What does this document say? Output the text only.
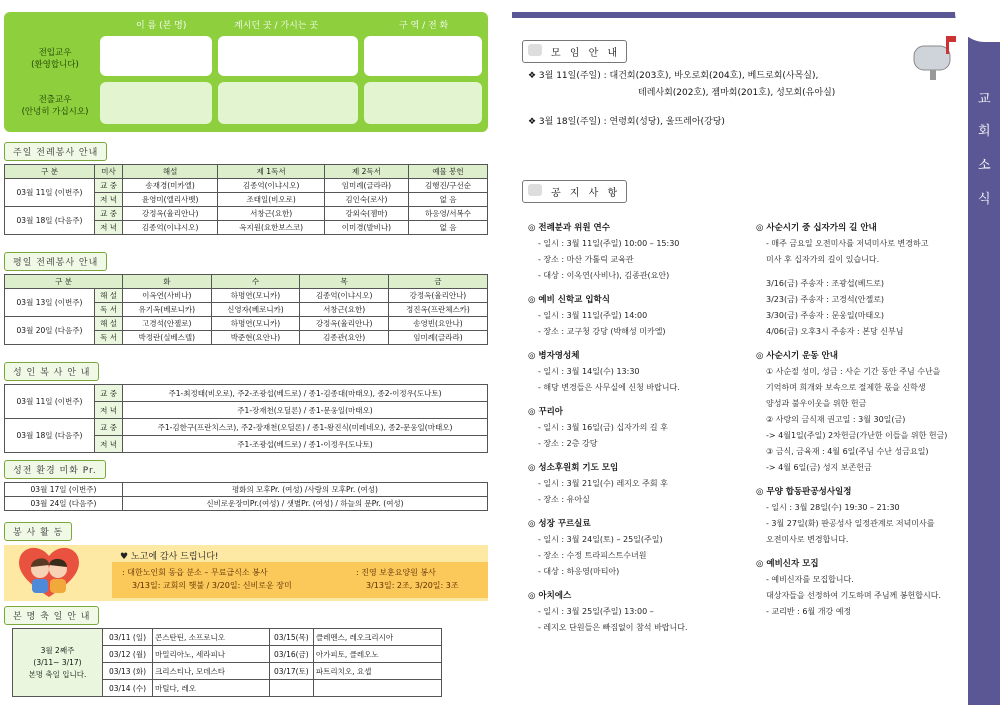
이 름 (본 명)	계시던 곳 / 가시는 곳	구 역 / 전 화
전입교우
(환영합니다)
전출교우
(안녕히 가십시오)
주일 전례봉사 안내
구 분	미사	해설	제 1독서	제 2독서	예물 봉헌
03월 11일 (이번주)	교 중	송재경(미카엘)	김종억(이냐시오)	임미례(글라라)	김행진/구선순
	저 녁	윤영미(엘리사벳)	조태일(비오로)	김인숙(로사)	없 음
03월 18일 (다음주)	교 중	강정옥(율리안나)	서창근(요한)	강외숙(젬마)	하응영/서복수
	저 녁	김종억(이냐시오)	옥지원(요한보스코)	이미경(발비나)	없 음
평일 전례봉사 안내
구 분		화	수	목	금
03월 13일 (이번주)	해 설	이옥연(사비나)	하명연(모니카)	김종억(이냐시오)	강정옥(율리안나)
	독 서	유기옥(베로니카)	신영자(베로니카)	서창근(요한)	정진옥(프란체스카)
03월 20일 (다음주)	해 설	고경석(안젤로)	하명연(모니카)	강정옥(율리안나)	송영빈(요안나)
	독 서	박정란(실베스텔)	박준현(요안나)	김종관(요안)	임미례(글라라)
성 인 복 사 안 내
03월 11일 (이번주)	교 중	주1-최정태(비오로), 주2-조광섭(베드로) / 종1-김종대(마태오), 종2-이정우(도나토)
	저 녁	주1-장재천(오딜론) / 종1-문웅일(마태오)
03월 18일 (다음주)	교 중	주1-김한구(프란치스코), 주2-장재천(오딜론) / 종1-왕진식(미레네오), 종2-문웅일(마태오)
	저 녁	주1-조광섭(베드로) / 종1-이정우(도나토)
성전 환경 미화 Pr.
03월 17일 (이번주)	평화의 모후Pr. (여성) /사랑의 모후Pr. (여성)
03월 24일 (다음주)	신비로운장미Pr.(여성) / 샛별Pr. (여성) / 하늘의 문Pr. (여성)
봉 사 활 동
♥ 노고에 감사 드립니다!
: 대한노인회 동읍 분소 – 무료급식소 봉사
3/13일: 교회의 햇불 / 3/20일: 신비로운 장미
: 진영 보훈요양원 봉사
3/13일: 2조, 3/20일: 3조
본 명 축 일 안 내
3월 2째주
(3/11~ 3/17)
본명 축일 입니다.	03/11 (일)	콘스탄틴, 소프로니오	03/15(목)	클레멘스, 레오크리시아
	03/12 (월)	마밀리아노, 세라피나	03/16(금)	아가피토, 클레오노
	03/13 (화)	크리스티나, 모데스타	03/17(토)	파트리치오, 요셉
	03/14 (수)	마틸다, 레오		
교
회
소
식
모 임 안 내
❖ 3월 11일(주일) : 대건회(203호), 바오로회(204호), 베드로회(사목실),
테레사회(202호), 젬마회(201호), 성모회(유아실)
❖ 3월 18일(주일) : 연령회(성당), 울뜨레아(강당)
공 지 사 항
◎ 전례분과 위원 연수
- 일시 : 3월 11일(주일) 10:00 – 15:30
- 장소 : 마산 가톨릭 교육관
- 대상 : 이옥연(사비나), 김종관(요안)
◎ 예비 신학교 입학식
- 일시 : 3월 11일(주일) 14:00
- 장소 : 교구청 강당 (박해성 미카엘)
◎ 병자영성체
- 일시 : 3월 14일(수) 13:30
- 해당 변경들은 사무실에 신청 바랍니다.
◎ 꾸리아
- 일시 : 3월 16일(금) 십자가의 길 후
- 장소 : 2층 강당
◎ 성소후원회 기도 모임
- 일시 : 3월 21일(수) 레지오 주회 후
- 장소 : 유아실
◎ 성장 꾸르실료
- 일시 : 3월 24일(토) – 25일(주일)
- 장소 : 수정 트라피스트수녀원
- 대상 : 하응영(마티아)
◎ 아치에스
- 일시 : 3월 25일(주일) 13:00 –
- 레지오 단원들은 빠짐없이 참석 바랍니다.
◎ 사순시기 중 십자가의 길 안내
- 매주 금요일 오전미사를 저녁미사로 변경하고
미사 후 십자가의 길이 있습니다.
3/16(금) 주송자 : 조광섭(베드로)
3/23(금) 주송자 : 고경석(안젤로)
3/30(금) 주송자 : 문웅일(마태오)
4/06(금) 오후3시 주송자 : 본당 신부님
◎ 사순시기 운동 안내
① 사순절 성미, 성금 : 사순 기간 동안 주님 수난을
기억하며 희개와 보속으로 절제한 몫을 신학생
양성과 불우이웃을 위한 헌금
② 사랑의 금식재 권고일 : 3월 30일(금)
-> 4월1일(주일) 2차헌금(가난한 이들을 위한 헌금)
③ 금식, 금육재 : 4월 6일(주님 수난 성금요일)
-> 4월 6일(금) 성지 보존헌금
◎ 무양 합동판공성사일정
- 일시 : 3월 28일(수) 19:30 – 21:30
- 3월 27일(화) 판공성사 일정관계로 저녁미사를
오전미사로 변경합니다.
◎ 예비신자 모집
- 예비신자를 모집합니다.
대상자들을 선정하여 기도하며 주님께 봉헌합시다.
- 교리반 : 6월 개강 예정
